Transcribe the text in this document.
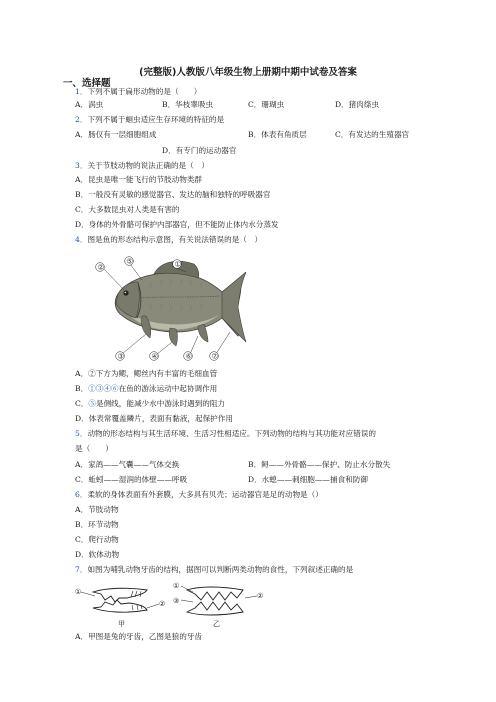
(完整版)人教版八年级生物上册期中期中试卷及答案
一、选择题
1．下列不属于扁形动物的是（　　）
A．涡虫	B．华枝睾吸虫	C．珊瑚虫	D．猪肉绦虫
2．下列不属于蛔虫适应生存环境的特征的是
A．肠仅有一层细胞组成	B．体表有角质层	C．有发达的生殖器官
D．有专门的运动器官
3．关于节肢动物的说法正确的是（　）
A．昆虫是唯一能飞行的节肢动物类群
B．一般没有灵敏的感觉器官、发达的脑和独特的呼吸器官
C．大多数昆虫对人类是有害的
D．身体的外骨骼可保护内部器官，但不能防止体内水分蒸发
4．图是鱼的形态结构示意图，有关说法错误的是（　）
②
⑤	①
③	④	⑥	⑦
A．②下方为鳃，鳃丝内有丰富的毛细血管
B．①③④⑥在鱼的游泳运动中起协调作用
C．⑤是侧线，能减少水中游泳时遇到的阻力
D．体表常覆盖鳞片，表面有黏液，起保护作用
5．动物的形态结构与其生活环境、生活习性相适应。下列动物的结构与其功能对应错误的
是（　　）
A．家鸽——气囊——气体交换	B．鲟——外骨骼——保护、防止水分散失
C．蚯蚓——湿润的体壁——呼吸	D．水螅——刺细胞——捕食和防御
6．柔软的身体表面有外套膜，大多具有贝壳；运动器官是足的动物是（）
A．节肢动物
B．环节动物
C．爬行动物
D．软体动物
7．如图为哺乳动物牙齿的结构，据图可以判断两类动物的食性，下列叙述正确的是
①
②
①
③
②
甲	乙
A．甲图是兔的牙齿，乙图是狼的牙齿
